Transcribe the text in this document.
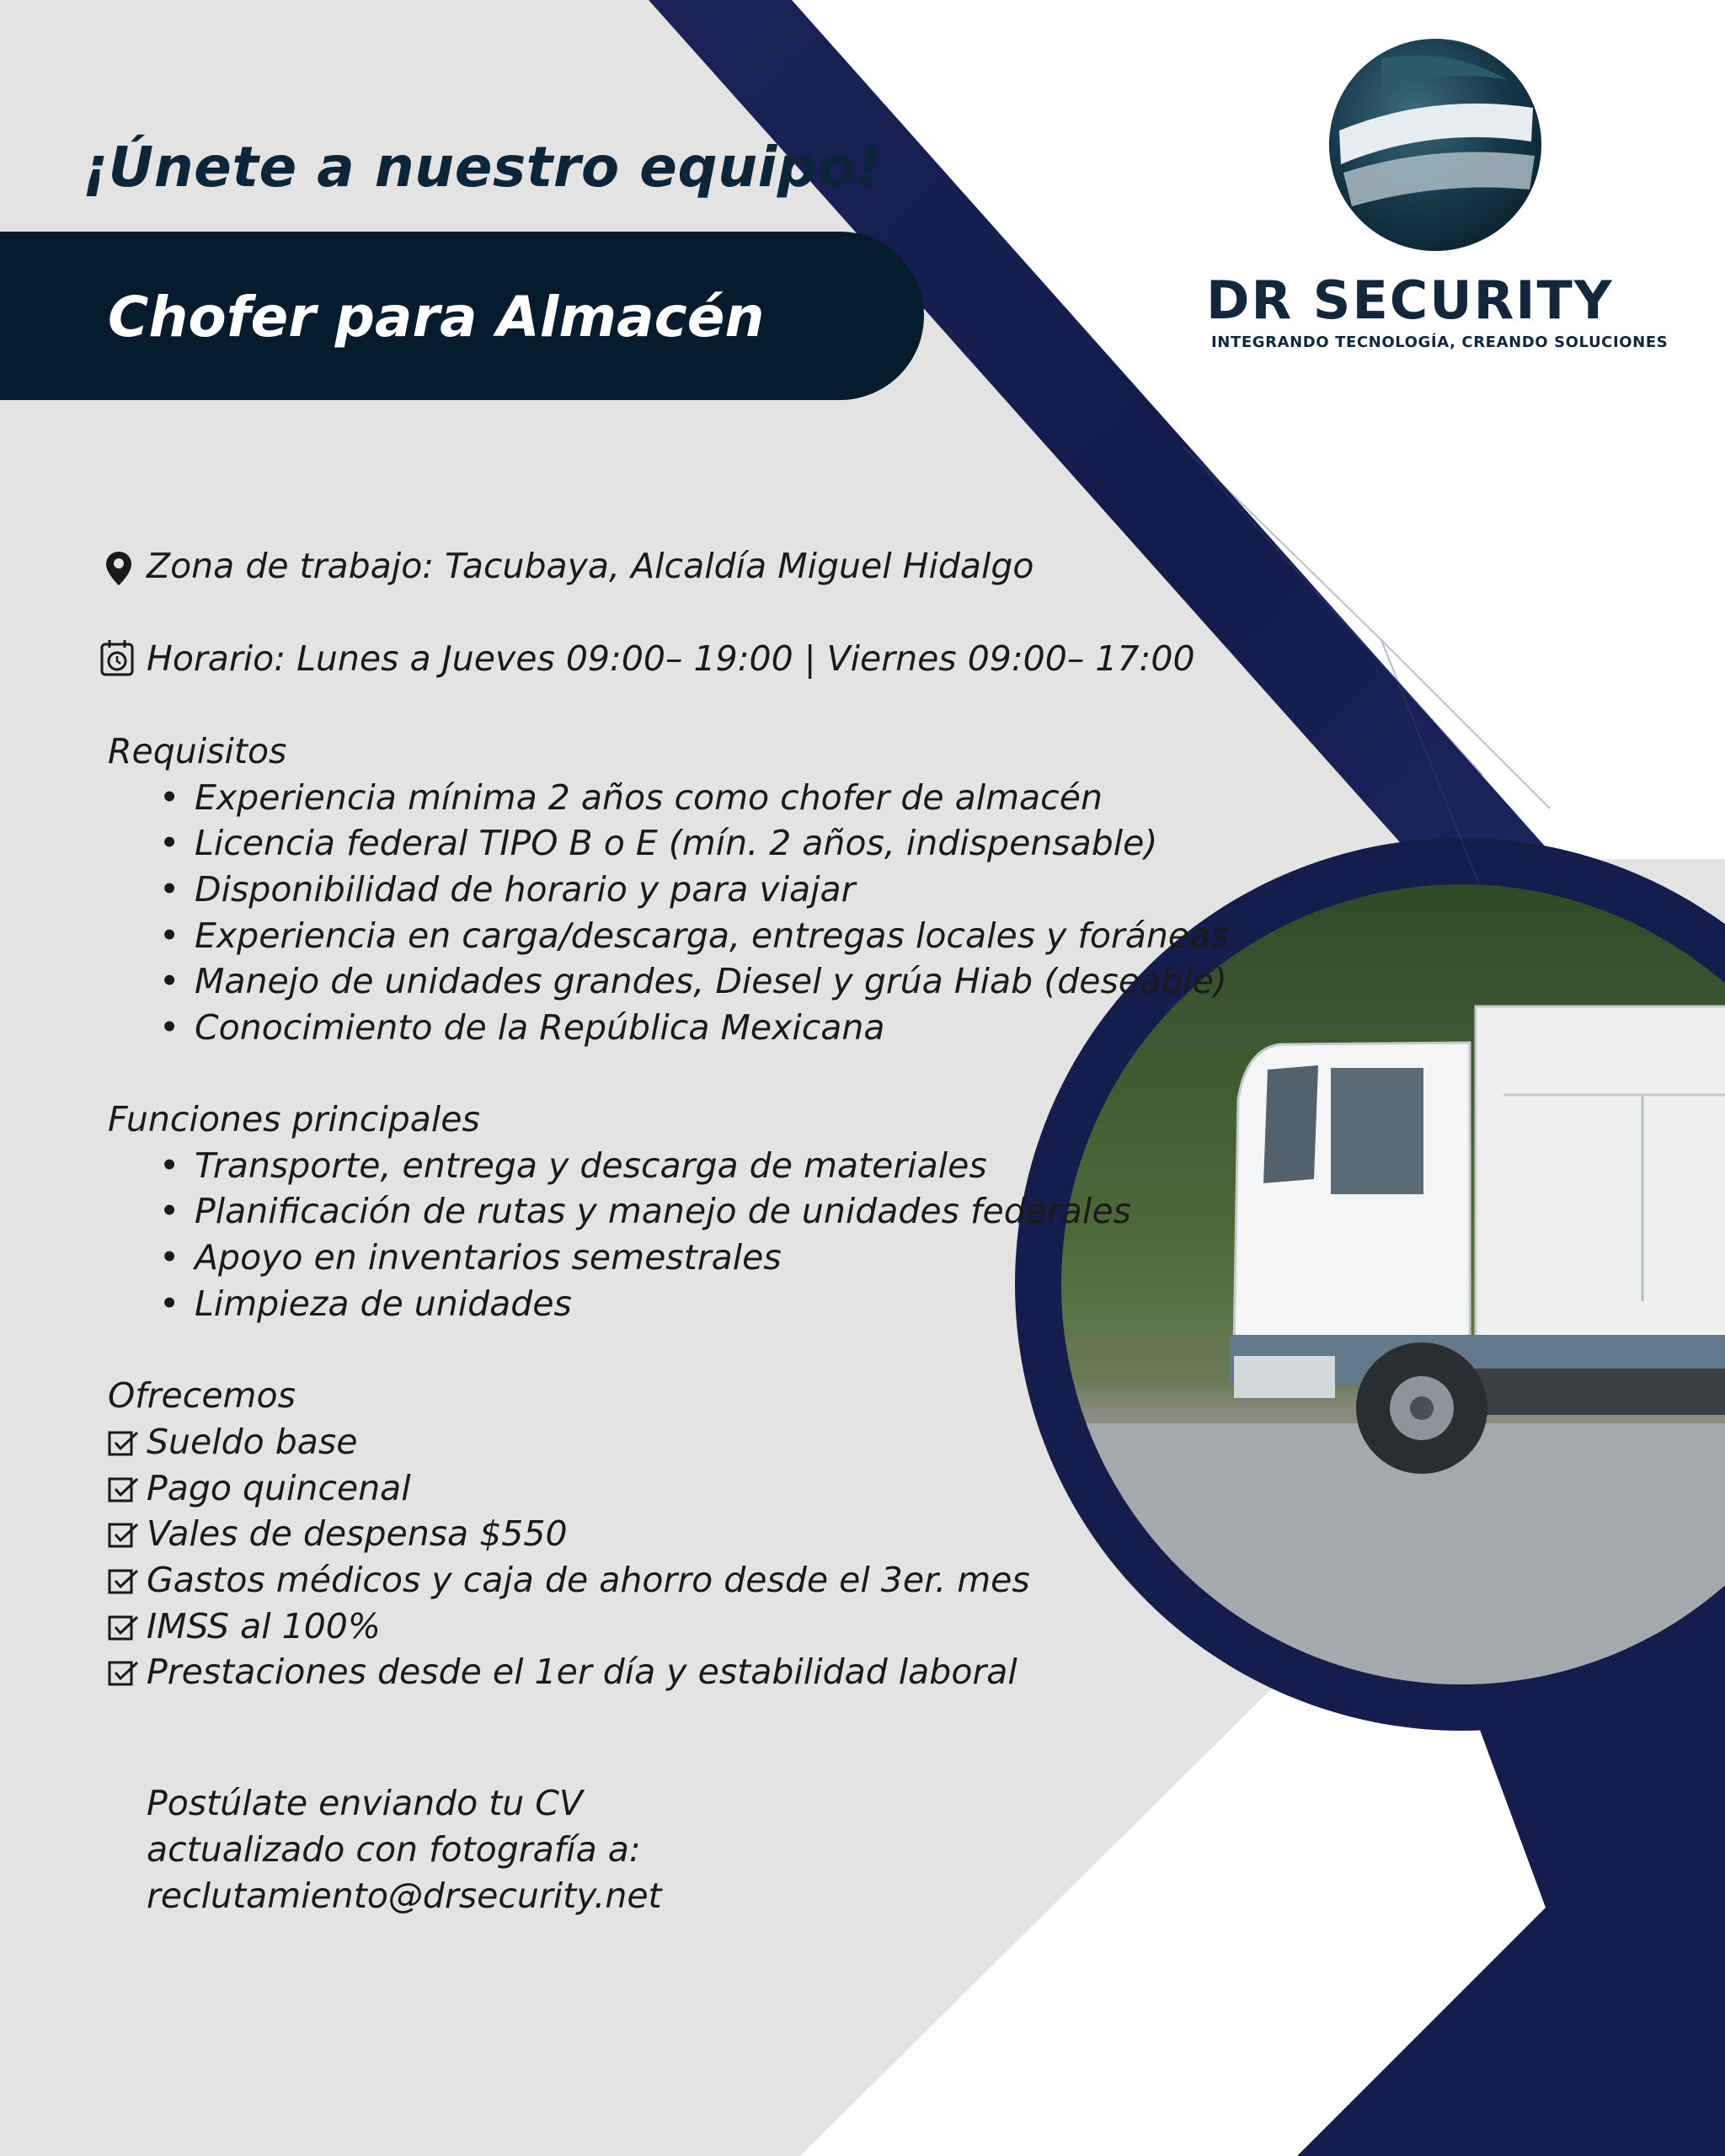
¡Únete a nuestro equipo!
Chofer para Almacén	DR SECURITY
INTEGRANDO TECNOLOGÍA, CREANDO SOLUCIONES
Zona de trabajo: Tacubaya, Alcaldía Miguel Hidalgo
Horario: Lunes a Jueves 09:00– 19:00 | Viernes 09:00– 17:00
Requisitos
• Experiencia mínima 2 años como chofer de almacén
• Licencia federal TIPO B o E (mín. 2 años, indispensable)
• Disponibilidad de horario y para viajar
• Experiencia en carga/descarga, entregas locales y foráneas
• Manejo de unidades grandes, Diesel y grúa Hiab (deseable)
• Conocimiento de la República Mexicana
Funciones principales
• Transporte, entrega y descarga de materiales
• Planificación de rutas y manejo de unidades federales
• Apoyo en inventarios semestrales
• Limpieza de unidades
Ofrecemos
Sueldo base
Pago quincenal
Vales de despensa $550
Gastos médicos y caja de ahorro desde el 3er. mes
IMSS al 100%
Prestaciones desde el 1er día y estabilidad laboral
Postúlate enviando tu CV
actualizado con fotografía a:
reclutamiento@drsecurity.net
